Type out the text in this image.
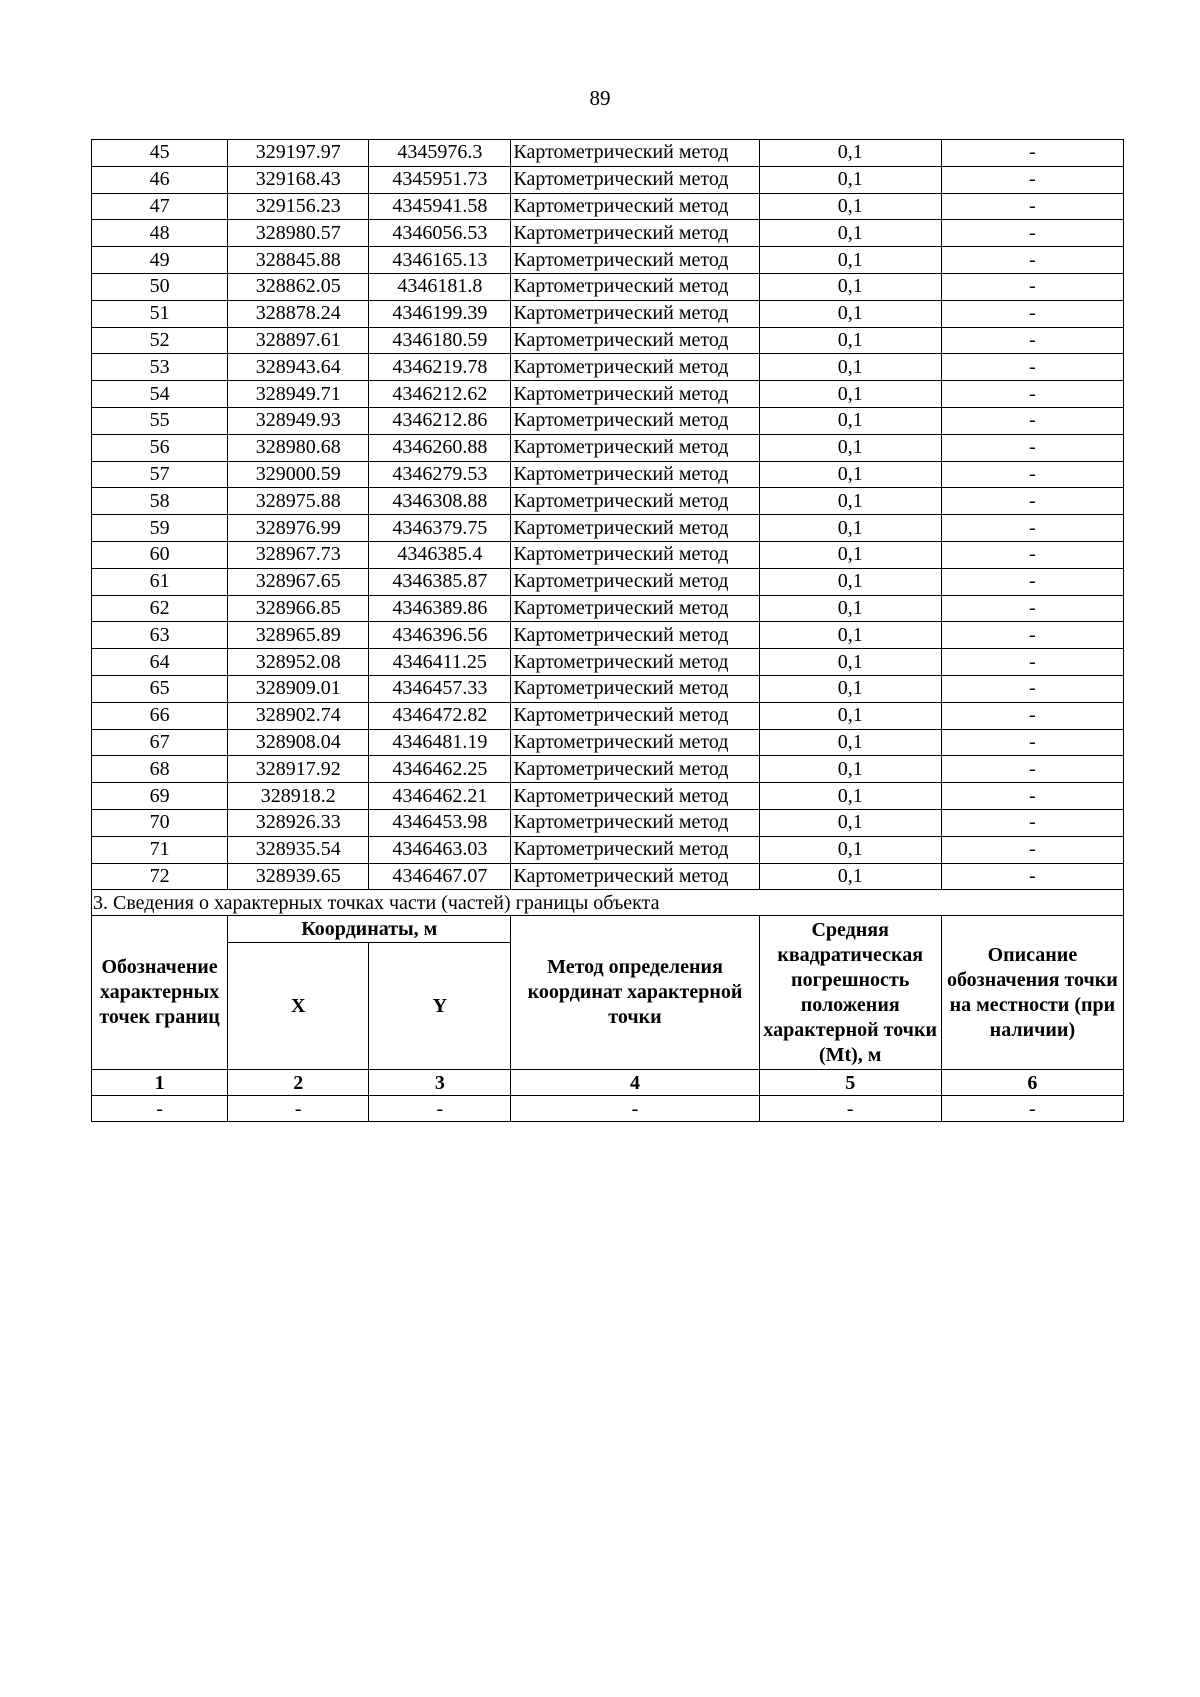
89
45	329197.97	4345976.3	Картометрический метод	0,1	-
46	329168.43	4345951.73	Картометрический метод	0,1	-
47	329156.23	4345941.58	Картометрический метод	0,1	-
48	328980.57	4346056.53	Картометрический метод	0,1	-
49	328845.88	4346165.13	Картометрический метод	0,1	-
50	328862.05	4346181.8	Картометрический метод	0,1	-
51	328878.24	4346199.39	Картометрический метод	0,1	-
52	328897.61	4346180.59	Картометрический метод	0,1	-
53	328943.64	4346219.78	Картометрический метод	0,1	-
54	328949.71	4346212.62	Картометрический метод	0,1	-
55	328949.93	4346212.86	Картометрический метод	0,1	-
56	328980.68	4346260.88	Картометрический метод	0,1	-
57	329000.59	4346279.53	Картометрический метод	0,1	-
58	328975.88	4346308.88	Картометрический метод	0,1	-
59	328976.99	4346379.75	Картометрический метод	0,1	-
60	328967.73	4346385.4	Картометрический метод	0,1	-
61	328967.65	4346385.87	Картометрический метод	0,1	-
62	328966.85	4346389.86	Картометрический метод	0,1	-
63	328965.89	4346396.56	Картометрический метод	0,1	-
64	328952.08	4346411.25	Картометрический метод	0,1	-
65	328909.01	4346457.33	Картометрический метод	0,1	-
66	328902.74	4346472.82	Картометрический метод	0,1	-
67	328908.04	4346481.19	Картометрический метод	0,1	-
68	328917.92	4346462.25	Картометрический метод	0,1	-
69	328918.2	4346462.21	Картометрический метод	0,1	-
70	328926.33	4346453.98	Картометрический метод	0,1	-
71	328935.54	4346463.03	Картометрический метод	0,1	-
72	328939.65	4346467.07	Картометрический метод	0,1	-
3. Сведения о характерных точках части (частей) границы объекта					
Обозначение характерных точек границ	Координаты, м		Метод определения координат характерной точки	Средняя квадратическая погрешность положения характерной точки (Mt), м	Описание обозначения точки на местности (при наличии)
	X	Y			
1	2	3	4	5	6
-	-	-	-	-	-
